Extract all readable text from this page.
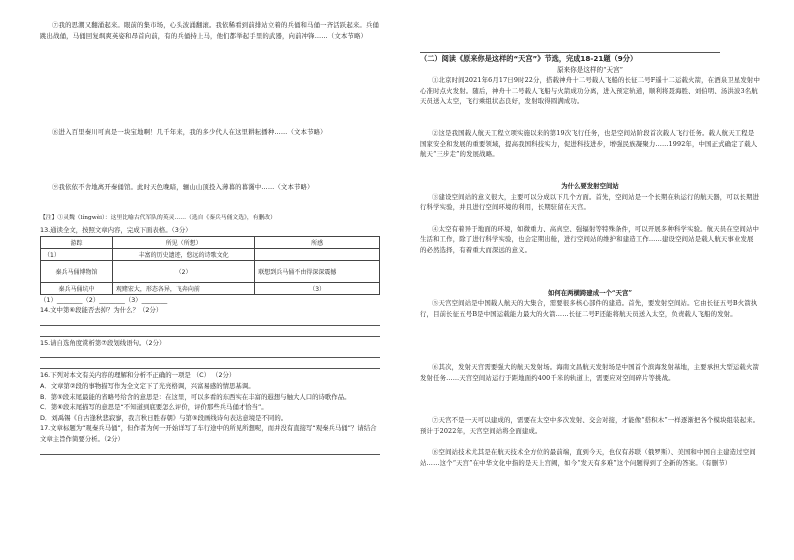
⑦我的思潮又翻涌起来。眼前的集市场，心头波涌翻滚。我依稀看到前排站立着的兵俑和马俑一齐活跃起来。兵俑跳出战俑，马俑回复飒爽英姿和昂首向前，有的兵俑持上马，他们都举起手里的武器，向前冲锋……（文本节略）

⑧进入百里秦川可真是一块宝地啊！几千年来，我的多少代人在这里耕耘播种……（文本节略）

⑨我依依不舍地离开秦俑馆。此时天色晚暗，骊山山顶投入薄暮的暮霭中……（文本节略）

【注】①灵魏（língwèi）：这里比喻古代军队的英灵……（选自《秦兵马俑文选》，有删改）

13.通读全文，按照文章内容，完成下面表格。（3分）

游踪	所见（所想）	所感
（1）	丰富的历史遗迹，悠远的诗歌文化	
秦兵马俑博物馆	（2）	联想到兵马俑不由得深深震撼
秦兵马俑坑中	观赌宏大，形态各异，飞奔向前	（3）

（1）________（2）________（3）________

14.文中第⑥段能否去掉？为什么？（2分）

15.请自选角度赏析第⑦段划线语句。（2分）

16.下列对本文有关内容的理解和分析不正确的一项是 （C） （2分）

A．文章第②段的事物描写作为全文定下了光亮格调，兴富易感的情思基调。

B．第⑤段末尾最能的省略号给含的意思是：在这里，可以多看的东西实在丰富的遐想与触大人口的诗歌作品。

C．第⑥段末尾描写的意思是“不知道到底要怎么评价，评价那些兵马俑才恰当”。

D．刘禹锡《自古逢秋悲寂寥，我言秋日胜春朝》与第⑤段画线诗句表达意境是不同的。

17.文章标题为“观秦兵马俑”，但作者为何一开始详写了车行途中的所见所想呢，而并没有直接写“观秦兵马俑”？请结合文章主旨作简要分析。（2分）

（二）阅读《原来你是这样的“天宫”》节选，完成18-21题（9分）

原来你是这样的“天宫”

①北京时间2021年6月17日9时22分，搭载神舟十二号载人飞船的长征二号F遥十二运载火箭，在酒泉卫星发射中心准时点火发射。随后，神舟十二号载人飞船与火箭成功分离，进入预定轨道，顺利将聂海胜、刘伯明、汤洪波3名航天员送入太空，飞行乘组状态良好，发射取得圆满成功。

②这是我国载人航天工程立项实施以来的第19次飞行任务，也是空间站阶段首次载人飞行任务。载人航天工程是国家安全和发展的重要领域，提高我国科技实力，促进科技进步，增强民族凝聚力……1992年，中国正式确定了载人航天“三步走”的发展战略。

为什么要发射空间站

③建设空间站的意义很大，主要可以分成以下几个方面。首先，空间站是一个长期在轨运行的航天器，可以长期进行科学实验，并且进行空间环境的利用，长期驻留在天宫。

④太空有着异于地面的环境，如微重力、高真空、强辐射等特殊条件，可以开展多种科学实验。航天员在空间站中生活和工作，除了进行科学实验，也会定期出舱，进行空间站的维护和建造工作……建设空间站是载人航天事业发展的必然选择，有着重大而深远的意义。

如何在两横跨建成一个“天宫”

⑤天宫空间站是中国载人航天的大集合，需要很多核心部件的建造。首先，要发射空间站。它由长征五号B火箭执行，目前长征五号B是中国运载能力最大的火箭……长征二号F还能将航天员送入太空，负责载人飞船的发射。

⑥其次，发射天宫需要强大的航天发射场。海南文昌航天发射场是中国首个滨海发射基地，主要承担大型运载火箭发射任务……天宫空间站运行于距地面约400千米的轨道上，需要应对空间碎片等挑战。

⑦天宫不是一天可以建成的，需要在太空中多次发射、交会对接，才能像“搭积木”一样逐渐把各个模块组装起来。预计于2022年，天宫空间站将全面建成。

⑧空间站技术尤其是在航天技术全方位的最前端，直到今天，也仅有苏联（俄罗斯）、美国和中国自主建造过空间站……这个“天宫”在中华文化中指的是天上宫阙，如今“发天有多难”这个问题得到了全新的答案。（有删节）
